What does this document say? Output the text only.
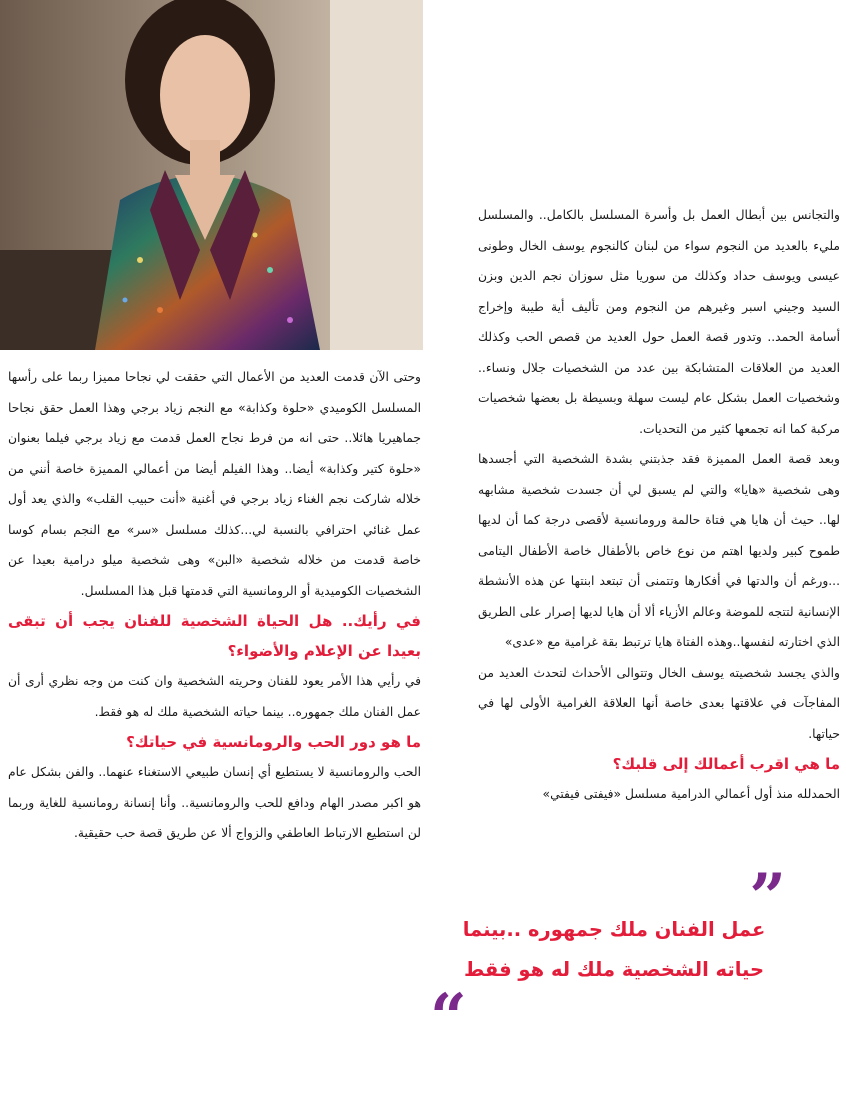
والتجانس بين أبطال العمل بل وأسرة المسلسل بالكامل.. والمسلسل مليء بالعديد من النجوم سواء من لبنان كالنجوم يوسف الخال وطونى عيسى ويوسف حداد وكذلك من سوريا مثل سوزان نجم الدين وبزن السيد وجيني اسبر وغيرهم من النجوم ومن تأليف أية طيبة وإخراج أسامة الحمد.. وتدور قصة العمل حول العديد من قصص الحب وكذلك العديد من العلاقات المتشابكة بين عدد من الشخصيات جلال ونساء.. وشخصيات العمل بشكل عام ليست سهلة وبسيطة بل بعضها شخصيات مركبة كما انه تجمعها كثير من التحديات.

وبعد قصة العمل المميزة فقد جذبتني بشدة الشخصية التي أجسدها وهى شخصية «هايا» والتي لم يسبق لي أن جسدت شخصية مشابهه لها.. حيث أن هايا هي فتاة حالمة ورومانسية لأقصى درجة كما أن لديها طموح كبير ولديها اهتم من نوع خاص بالأطفال خاصة الأطفال اليتامى ...ورغم أن والدتها في أفكارها وتتمنى أن تبتعد ابنتها عن هذه الأنشطة الإنسانية لتتجه للموضة وعالم الأزياء ألا أن هايا لديها إصرار على الطريق الذي اختارته لنفسها..وهذه الفتاة هايا ترتبط بقة غرامية مع «عدى»

والذي يجسد شخصيته يوسف الخال وتتوالى الأحداث لتحدث العديد من المفاجآت في علاقتها بعدى خاصة أنها العلاقة الغرامية الأولى لها في حياتها.

ما هي اقرب أعمالك إلى قلبك؟

الحمدلله منذ أول أعمالي الدرامية مسلسل «فيفتى فيفتي»

وحتى الآن قدمت العديد من الأعمال التي حققت لي نجاحا مميزا ربما على رأسها المسلسل الكوميدي «حلوة وكذابة» مع النجم زياد برجي وهذا العمل حقق نجاحا جماهيريا هائلا.. حتى انه من فرط نجاح العمل قدمت مع زياد برجي فيلما بعنوان «حلوة كتير وكذابة» أيضا.. وهذا الفيلم أيضا من أعمالي المميزة خاصة أنني من خلاله شاركت نجم الغناء زياد برجي في أغنية «أنت حبيب القلب» والذي يعد أول عمل غنائي احترافي بالنسبة لي...كذلك مسلسل «سر» مع النجم بسام كوسا خاصة قدمت من خلاله شخصية «البن» وهى شخصية ميلو درامية بعيدا عن الشخصيات الكوميدية أو الرومانسية التي قدمتها قبل هذا المسلسل.

في رأيك.. هل الحياة الشخصية للفنان يجب أن تبقى بعيدا عن الإعلام والأضواء؟

في رأيي هذا الأمر يعود للفنان وحريته الشخصية وان كنت من وجه نظري أرى أن عمل الفنان ملك جمهوره.. بينما حياته الشخصية ملك له هو فقط.

ما هو دور الحب والرومانسية في حياتك؟

الحب والرومانسية لا يستطيع أي إنسان طبيعي الاستغناء عنهما.. والفن بشكل عام هو اكبر مصدر الهام ودافع للحب والرومانسية.. وأنا إنسانة رومانسية للغاية وربما لن استطيع الارتباط العاطفي والزواج ألا عن طريق قصة حب حقيقية.

”
عمل الفنان ملك جمهوره ..بينما
حياته الشخصية ملك له هو فقط
“
